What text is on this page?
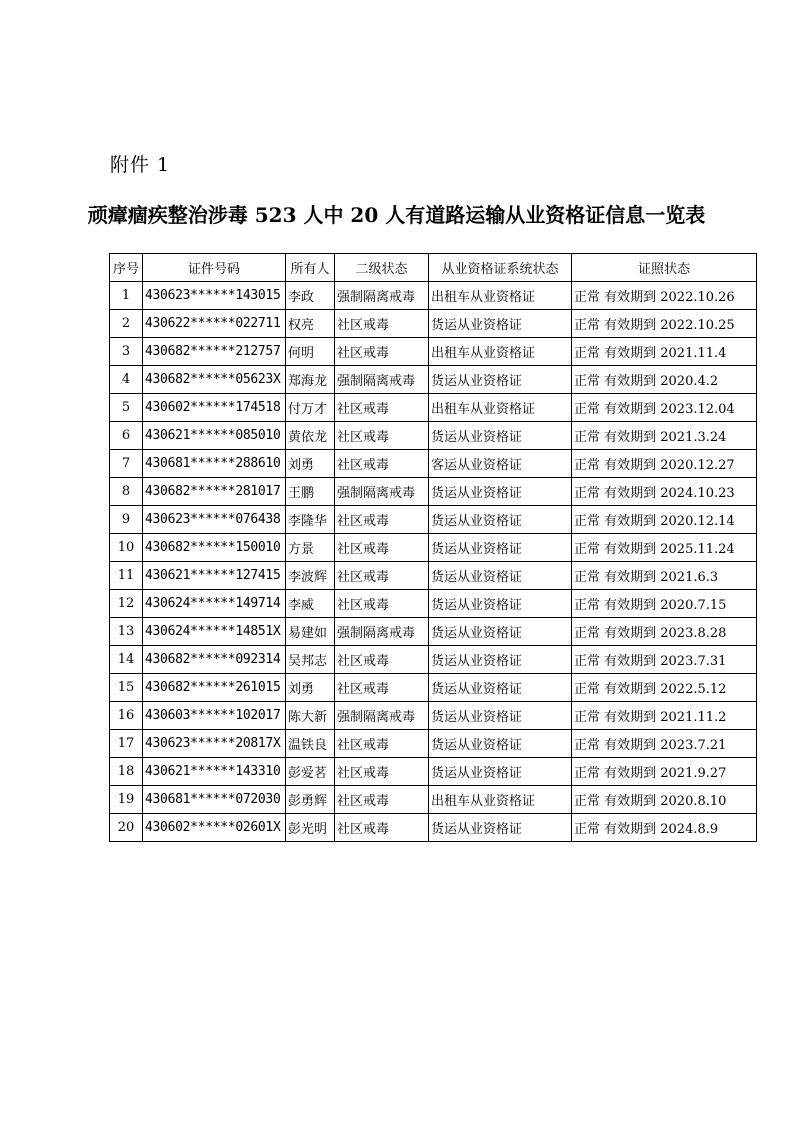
附件 1
顽瘴痼疾整治涉毒 523 人中 20 人有道路运输从业资格证信息一览表
序号	证件号码	所有人	二级状态	从业资格证系统状态	证照状态
1	430623******143015	李政	强制隔离戒毒	出租车从业资格证	正常 有效期到 2022.10.26
2	430622******022711	权亮	社区戒毒	货运从业资格证	正常 有效期到 2022.10.25
3	430682******212757	何明	社区戒毒	出租车从业资格证	正常 有效期到 2021.11.4
4	430682******05623X	郑海龙	强制隔离戒毒	货运从业资格证	正常 有效期到 2020.4.2
5	430602******174518	付万才	社区戒毒	出租车从业资格证	正常 有效期到 2023.12.04
6	430621******085010	黄依龙	社区戒毒	货运从业资格证	正常 有效期到 2021.3.24
7	430681******288610	刘勇	社区戒毒	客运从业资格证	正常 有效期到 2020.12.27
8	430682******281017	王鹏	强制隔离戒毒	货运从业资格证	正常 有效期到 2024.10.23
9	430623******076438	李隆华	社区戒毒	货运从业资格证	正常 有效期到 2020.12.14
10	430682******150010	方景	社区戒毒	货运从业资格证	正常 有效期到 2025.11.24
11	430621******127415	李波辉	社区戒毒	货运从业资格证	正常 有效期到 2021.6.3
12	430624******149714	李威	社区戒毒	货运从业资格证	正常 有效期到 2020.7.15
13	430624******14851X	易建如	强制隔离戒毒	货运从业资格证	正常 有效期到 2023.8.28
14	430682******092314	吴邦志	社区戒毒	货运从业资格证	正常 有效期到 2023.7.31
15	430682******261015	刘勇	社区戒毒	货运从业资格证	正常 有效期到 2022.5.12
16	430603******102017	陈大新	强制隔离戒毒	货运从业资格证	正常 有效期到 2021.11.2
17	430623******20817X	温铁良	社区戒毒	货运从业资格证	正常 有效期到 2023.7.21
18	430621******143310	彭爱茗	社区戒毒	货运从业资格证	正常 有效期到 2021.9.27
19	430681******072030	彭勇辉	社区戒毒	出租车从业资格证	正常 有效期到 2020.8.10
20	430602******02601X	彭光明	社区戒毒	货运从业资格证	正常 有效期到 2024.8.9
